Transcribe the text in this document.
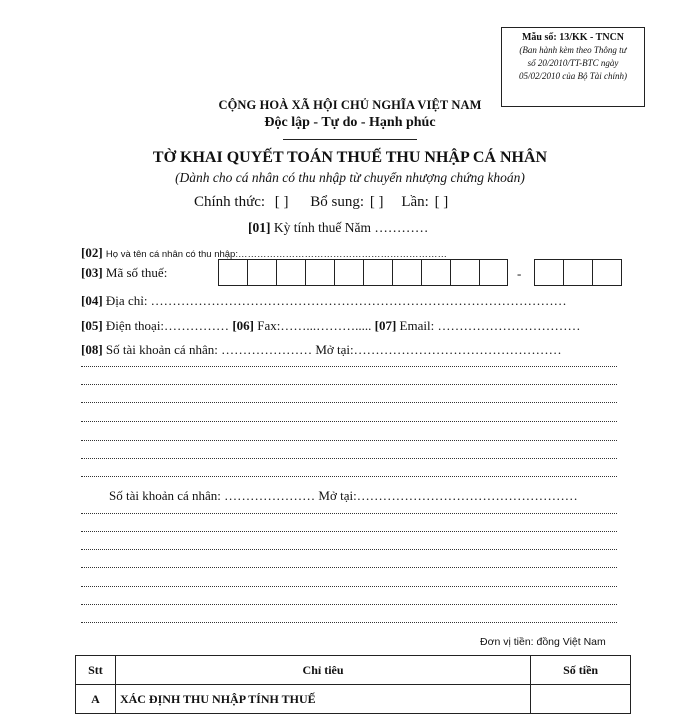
Mẫu số: 13/KK - TNCN
(Ban hành kèm theo Thông tư
số 20/2010/TT-BTC ngày
05/02/2010 của Bộ Tài chính)
CỘNG HOÀ XÃ HỘI CHỦ NGHĨA VIỆT NAM
Độc lập - Tự do - Hạnh phúc
TỜ KHAI QUYẾT TOÁN THUẾ THU NHẬP CÁ NHÂN
(Dành cho cá nhân có thu nhập từ chuyển nhượng chứng khoán)
Chính thức: [ ] Bổ sung: [ ] Lần: [ ]
[01] Kỳ tính thuế Năm …………
[02] Họ và tên cá nhân có thu nhập:…………………………………………………………
[03] Mã số thuế:	-
[04] Địa chỉ: ……………………………………………………………………………………
[05] Điện thoại:…………… [06] Fax:……...………..... [07] Email: ……………………………
[08] Số tài khoản cá nhân: ………………… Mở tại:…………………………………………
Số tài khoản cá nhân: ………………… Mở tại:……………………………………………
Đơn vị tiền: đồng Việt Nam
Stt	Chỉ tiêu	Số tiền
A	XÁC ĐỊNH THU NHẬP TÍNH THUẾ	
